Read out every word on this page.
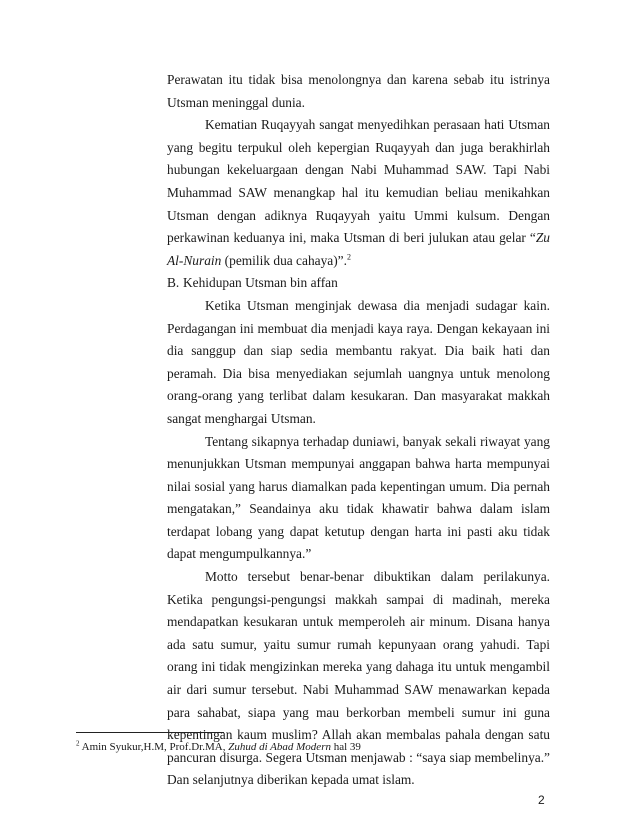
Perawatan itu tidak bisa menolongnya dan karena sebab itu istrinya Utsman meninggal dunia.

Kematian Ruqayyah sangat menyedihkan perasaan hati Utsman yang begitu terpukul oleh kepergian Ruqayyah dan juga berakhirlah hubungan kekeluargaan dengan Nabi Muhammad SAW. Tapi Nabi Muhammad SAW menangkap hal itu kemudian beliau menikahkan Utsman dengan adiknya Ruqayyah yaitu Ummi kulsum. Dengan perkawinan keduanya ini, maka Utsman di beri julukan atau gelar “Zu Al-Nurain (pemilik dua cahaya)”.$^2$

B. Kehidupan Utsman bin affan

Ketika Utsman menginjak dewasa dia menjadi sudagar kain. Perdagangan ini membuat dia menjadi kaya raya. Dengan kekayaan ini dia sanggup dan siap sedia membantu rakyat. Dia baik hati dan peramah. Dia bisa menyediakan sejumlah uangnya untuk menolong orang-orang yang terlibat dalam kesukaran. Dan masyarakat makkah sangat menghargai Utsman.

Tentang sikapnya terhadap duniawi, banyak sekali riwayat yang menunjukkan Utsman mempunyai anggapan bahwa harta mempunyai nilai sosial yang harus diamalkan pada kepentingan umum. Dia pernah mengatakan,” Seandainya aku tidak khawatir bahwa dalam islam terdapat lobang yang dapat ketutup dengan harta ini pasti aku tidak dapat mengumpulkannya.”

Motto tersebut benar-benar dibuktikan dalam perilakunya. Ketika pengungsi-pengungsi makkah sampai di madinah, mereka mendapatkan kesukaran untuk memperoleh air minum. Disana hanya ada satu sumur, yaitu sumur rumah kepunyaan orang yahudi. Tapi orang ini tidak mengizinkan mereka yang dahaga itu untuk mengambil air dari sumur tersebut. Nabi Muhammad SAW menawarkan kepada para sahabat, siapa yang mau berkorban membeli sumur ini guna kepentingan kaum muslim? Allah akan membalas pahala dengan satu pancuran disurga. Segera Utsman menjawab : “saya siap membelinya.” Dan selanjutnya diberikan kepada umat islam.

$^2$ Amin Syukur,H.M, Prof.Dr.MA, Zuhud di Abad Modern hal 39
2
